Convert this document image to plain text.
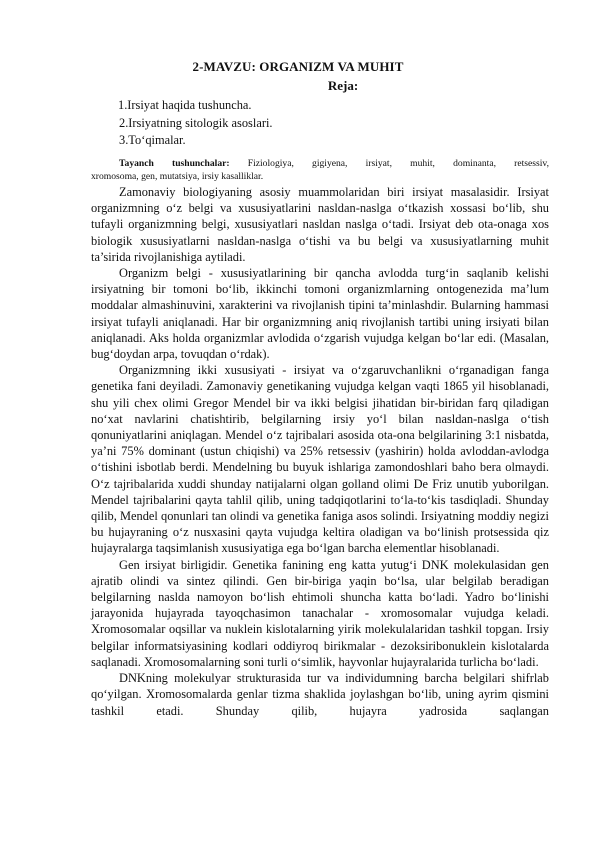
2-MAVZU: ORGANIZM VA MUHIT
Reja:
1.Irsiyat haqida tushuncha.
2.Irsiyatning sitologik asoslari.
3.To‘qimalar.
Tayanch tushunchalar: Fiziologiya, gigiyena, irsiyat, muhit, dominanta, retsessiv,
xromosoma, gen, mutatsiya, irsiy kasalliklar.

Zamonaviy biologiyaning asosiy muammolaridan biri irsiyat masalasidir. Irsiyat organizmning o‘z belgi va xususiyatlarini nasldan-naslga o‘tkazish xossasi bo‘lib, shu tufayli organizmning belgi, xususiyatlari nasldan naslga o‘tadi. Irsiyat deb ota-onaga xos biologik xususiyatlarni nasldan-naslga o‘tishi va bu belgi va xususiyatlarning muhit ta’sirida rivojlanishiga aytiladi.

Organizm belgi - xususiyatlarining bir qancha avlodda turg‘in saqlanib kelishi irsiyatning bir tomoni bo‘lib, ikkinchi tomoni organizmlarning ontogenezida ma’lum moddalar almashinuvini, xarakterini va rivojlanish tipini ta’minlashdir. Bularning hammasi irsiyat tufayli aniqlanadi. Har bir organizmning aniq rivojlanish tartibi uning irsiyati bilan aniqlanadi. Aks holda organizmlar avlodida o‘zgarish vujudga kelgan bo‘lar edi. (Masalan, bug‘doydan arpa, tovuqdan o‘rdak).

Organizmning ikki xususiyati - irsiyat va o‘zgaruvchanlikni o‘rganadigan fanga genetika fani deyiladi. Zamonaviy genetikaning vujudga kelgan vaqti 1865 yil hisoblanadi, shu yili chex olimi Gregor Mendel bir va ikki belgisi jihatidan bir-biridan farq qiladigan no‘xat navlarini chatishtirib, belgilarning irsiy yo‘l bilan nasldan-naslga o‘tish qonuniyatlarini aniqlagan. Mendel o‘z tajribalari asosida ota-ona belgilarining 3:1 nisbatda, ya’ni 75% dominant (ustun chiqishi) va 25% retsessiv (yashirin) holda avloddan-avlodga o‘tishini isbotlab berdi. Mendelning bu buyuk ishlariga zamondoshlari baho bera olmaydi. O‘z tajribalarida xuddi shunday natijalarni olgan golland olimi De Friz unutib yuborilgan. Mendel tajribalarini qayta tahlil qilib, uning tadqiqotlarini to‘la-to‘kis tasdiqladi. Shunday qilib, Mendel qonunlari tan olindi va genetika faniga asos solindi. Irsiyatning moddiy negizi bu hujayraning o‘z nusxasini qayta vujudga keltira oladigan va bo‘linish protsessida qiz hujayralarga taqsimlanish xususiyatiga ega bo‘lgan barcha elementlar hisoblanadi.

Gen irsiyat birligidir. Genetika fanining eng katta yutug‘i DNK molekulasidan gen ajratib olindi va sintez qilindi. Gen bir-biriga yaqin bo‘lsa, ular belgilab beradigan belgilarning naslda namoyon bo‘lish ehtimoli shuncha katta bo‘ladi. Yadro bo‘linishi jarayonida hujayrada tayoqchasimon tanachalar - xromosomalar vujudga keladi. Xromosomalar oqsillar va nuklein kislotalarning yirik molekulalaridan tashkil topgan. Irsiy belgilar informatsiyasining kodlari oddiyroq birikmalar - dezoksiribonuklein kislotalarda saqlanadi. Xromosomalarning soni turli o‘simlik, hayvonlar hujayralarida turlicha bo‘ladi.

DNKning molekulyar strukturasida tur va individumning barcha belgilari shifrlab qo‘yilgan. Xromosomalarda genlar tizma shaklida joylashgan bo‘lib, uning ayrim qismini tashkil etadi. Shunday qilib, hujayra yadrosida saqlangan
